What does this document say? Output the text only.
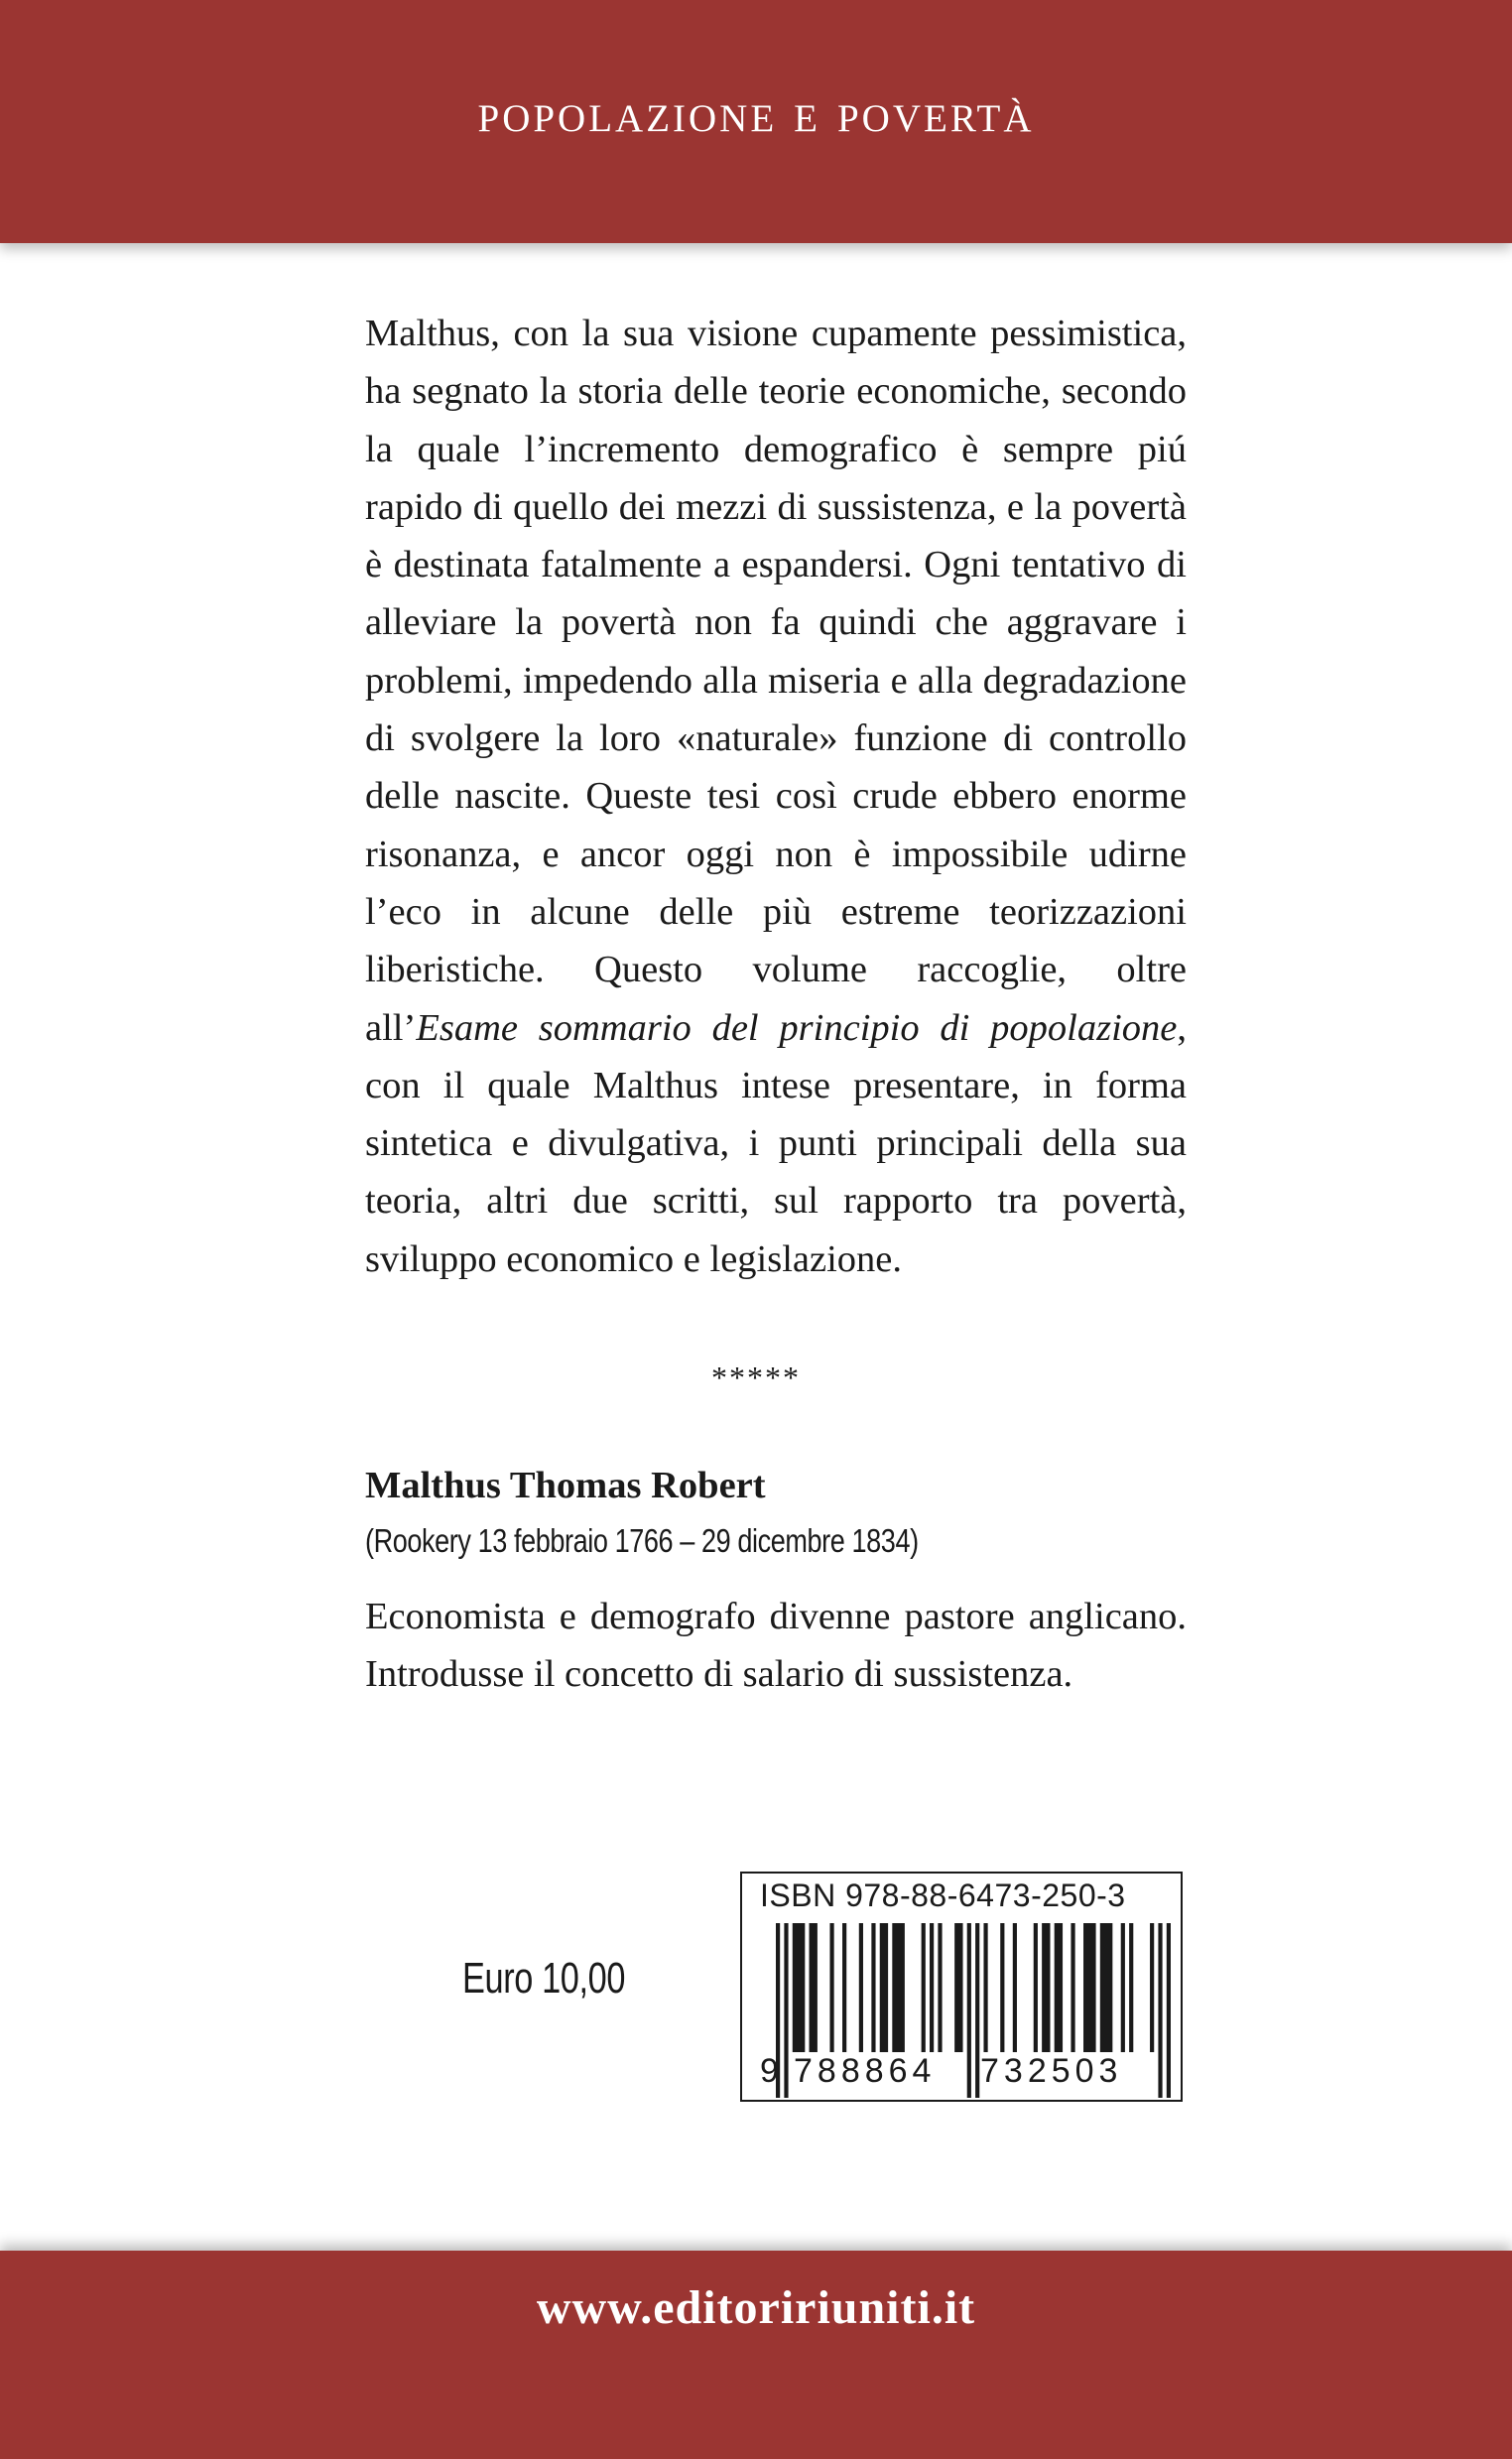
popolazione e povertà

Malthus, con la sua visione cupamente pessimistica, ha segnato la storia delle teorie economiche, secondo la quale l’incremento demografico è sempre piú rapido di quello dei mezzi di sussistenza, e la povertà è destinata fatalmente a espandersi. Ogni tentativo di alleviare la povertà non fa quindi che aggravare i problemi, impedendo alla miseria e alla degradazione di svolgere la loro «naturale» funzione di controllo delle nascite. Queste tesi così crude ebbero enorme risonanza, e ancor oggi non è impossibile udirne l’eco in alcune delle più estreme teorizzazioni liberistiche. Questo volume raccoglie, oltre all’Esame sommario del principio di popolazione, con il quale Malthus intese presentare, in forma sintetica e divulgativa, i punti principali della sua teoria, altri due scritti, sul rapporto tra povertà, sviluppo economico e legislazione.

*****

Malthus Thomas Robert

(Rookery 13 febbraio 1766 – 29 dicembre 1834)

Economista e demografo divenne pastore anglicano. Introdusse il concetto di salario di sussistenza.

Euro 10,00
ISBN 978-88-6473-250-3
9 788864 732503
www.editoririuniti.it
